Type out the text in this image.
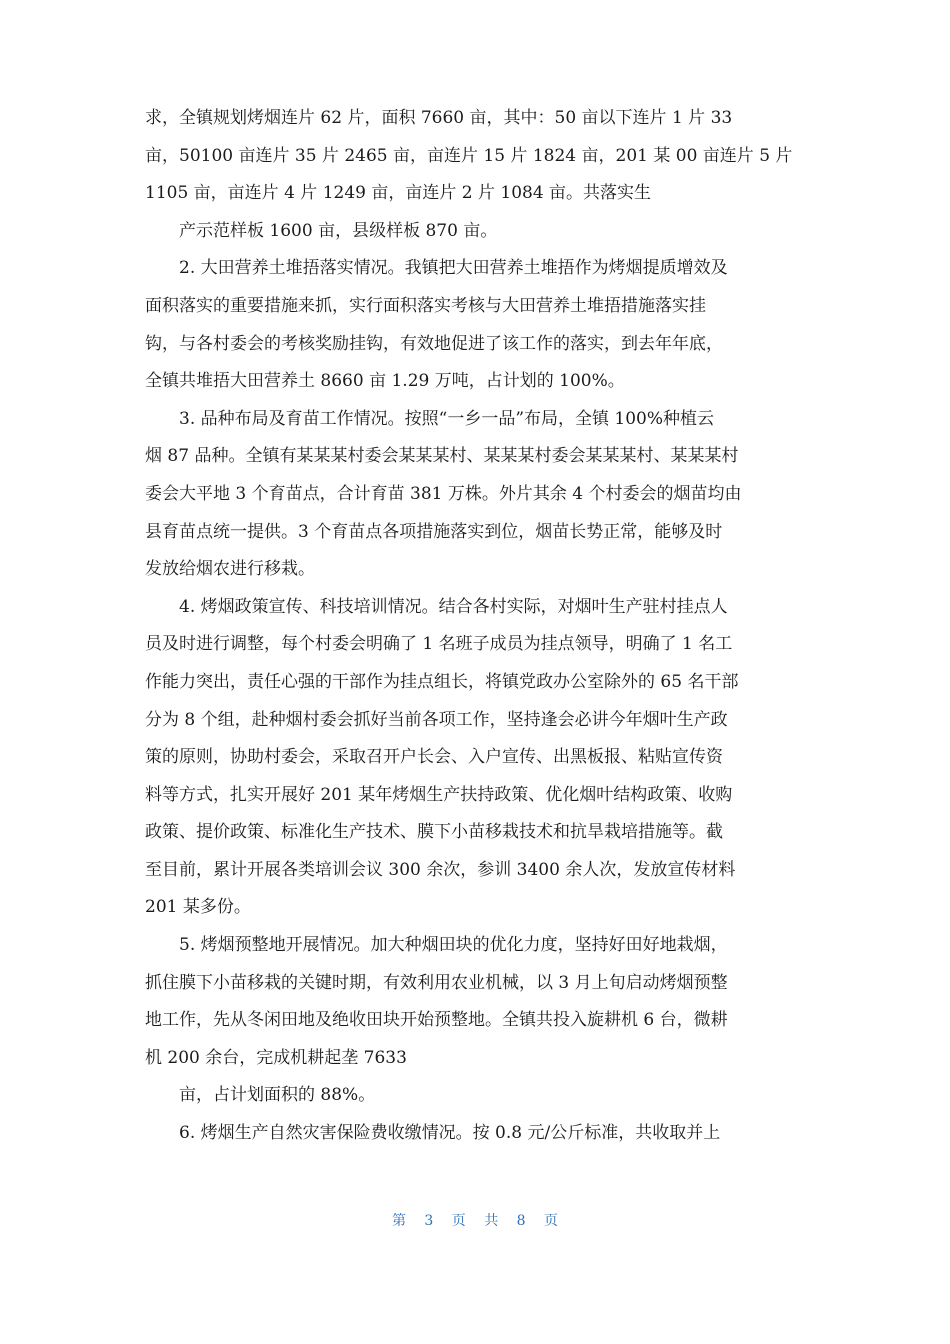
求，全镇规划烤烟连片 62 片，面积 7660 亩，其中：50 亩以下连片 1 片 33
亩，50100 亩连片 35 片 2465 亩，亩连片 15 片 1824 亩，201 某 00 亩连片 5 片
1105 亩，亩连片 4 片 1249 亩，亩连片 2 片 1084 亩。共落实生
产示范样板 1600 亩，县级样板 870 亩。
2. 大田营养土堆捂落实情况。我镇把大田营养土堆捂作为烤烟提质增效及
面积落实的重要措施来抓，实行面积落实考核与大田营养土堆捂措施落实挂
钩，与各村委会的考核奖励挂钩，有效地促进了该工作的落实，到去年年底，
全镇共堆捂大田营养土 8660 亩 1.29 万吨，占计划的 100%。
3. 品种布局及育苗工作情况。按照“一乡一品”布局，全镇 100%种植云
烟 87 品种。全镇有某某某村委会某某某村、某某某村委会某某某村、某某某村
委会大平地 3 个育苗点，合计育苗 381 万株。外片其余 4 个村委会的烟苗均由
县育苗点统一提供。3 个育苗点各项措施落实到位，烟苗长势正常，能够及时
发放给烟农进行移栽。
4. 烤烟政策宣传、科技培训情况。结合各村实际，对烟叶生产驻村挂点人
员及时进行调整，每个村委会明确了 1 名班子成员为挂点领导，明确了 1 名工
作能力突出，责任心强的干部作为挂点组长，将镇党政办公室除外的 65 名干部
分为 8 个组，赴种烟村委会抓好当前各项工作，坚持逢会必讲今年烟叶生产政
策的原则，协助村委会，采取召开户长会、入户宣传、出黑板报、粘贴宣传资
料等方式，扎实开展好 201 某年烤烟生产扶持政策、优化烟叶结构政策、收购
政策、提价政策、标准化生产技术、膜下小苗移栽技术和抗旱栽培措施等。截
至目前，累计开展各类培训会议 300 余次，参训 3400 余人次，发放宣传材料
201 某多份。
5. 烤烟预整地开展情况。加大种烟田块的优化力度，坚持好田好地栽烟，
抓住膜下小苗移栽的关键时期，有效利用农业机械，以 3 月上旬启动烤烟预整
地工作，先从冬闲田地及绝收田块开始预整地。全镇共投入旋耕机 6 台，微耕
机 200 余台，完成机耕起垄 7633
亩，占计划面积的 88%。
6. 烤烟生产自然灾害保险费收缴情况。按 0.8 元/公斤标准，共收取并上
第 3 页 共 8 页
